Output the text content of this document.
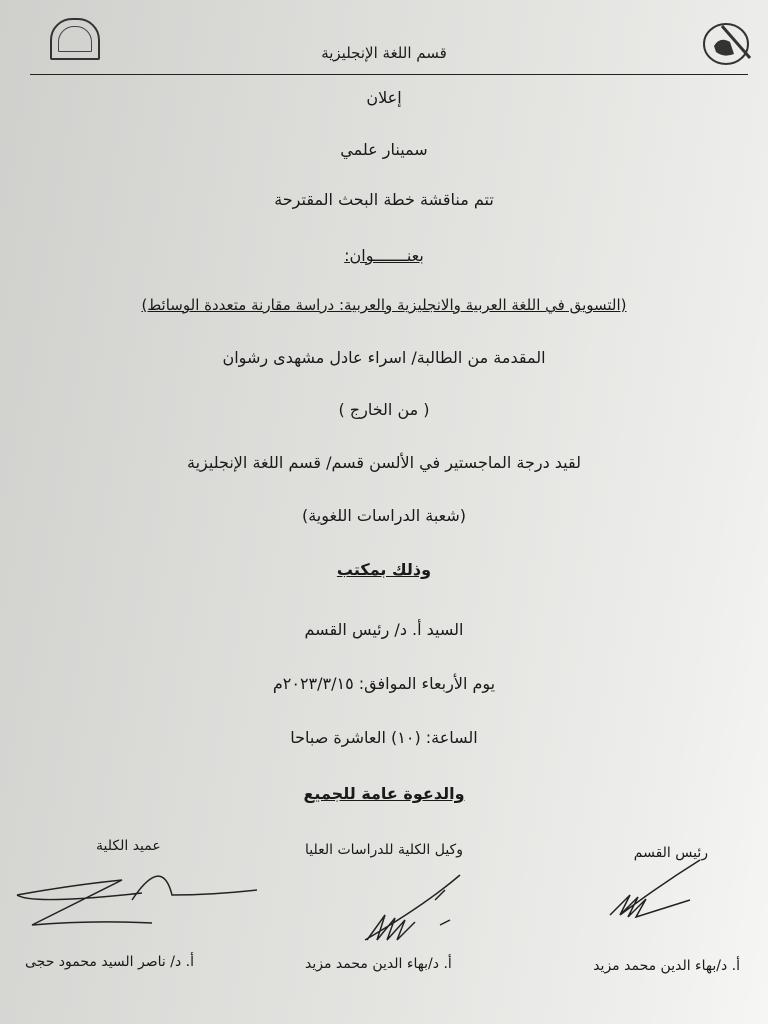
قسم اللغة الإنجليزية
إعلان
سمينار علمي
تتم مناقشة خطة البحث المقترحة
بعنـــــــوان:
(التسويق في اللغة العربية والانجليزية والعربية: دراسة مقارنة متعددة الوسائط)
المقدمة من الطالبة/ اسراء عادل مشهدى رشوان
( من الخارج )
لقيد درجة الماجستير في الألسن قسم/ قسم اللغة الإنجليزية
(شعبة الدراسات اللغوية)
وذلك بمكتب
السيد أ. د/ رئيس القسم
يوم الأربعاء الموافق: ٢٠٢٣/٣/١٥م
الساعة: (١٠) العاشرة صباحا
والدعوة عامة للجميع
رئيس القسم
وكيل الكلية للدراسات العليا
عميد الكلية
أ. د/بهاء الدين محمد مزيد
أ. د/بهاء الدين محمد مزيد
أ. د/ ناصر السيد محمود حجى
